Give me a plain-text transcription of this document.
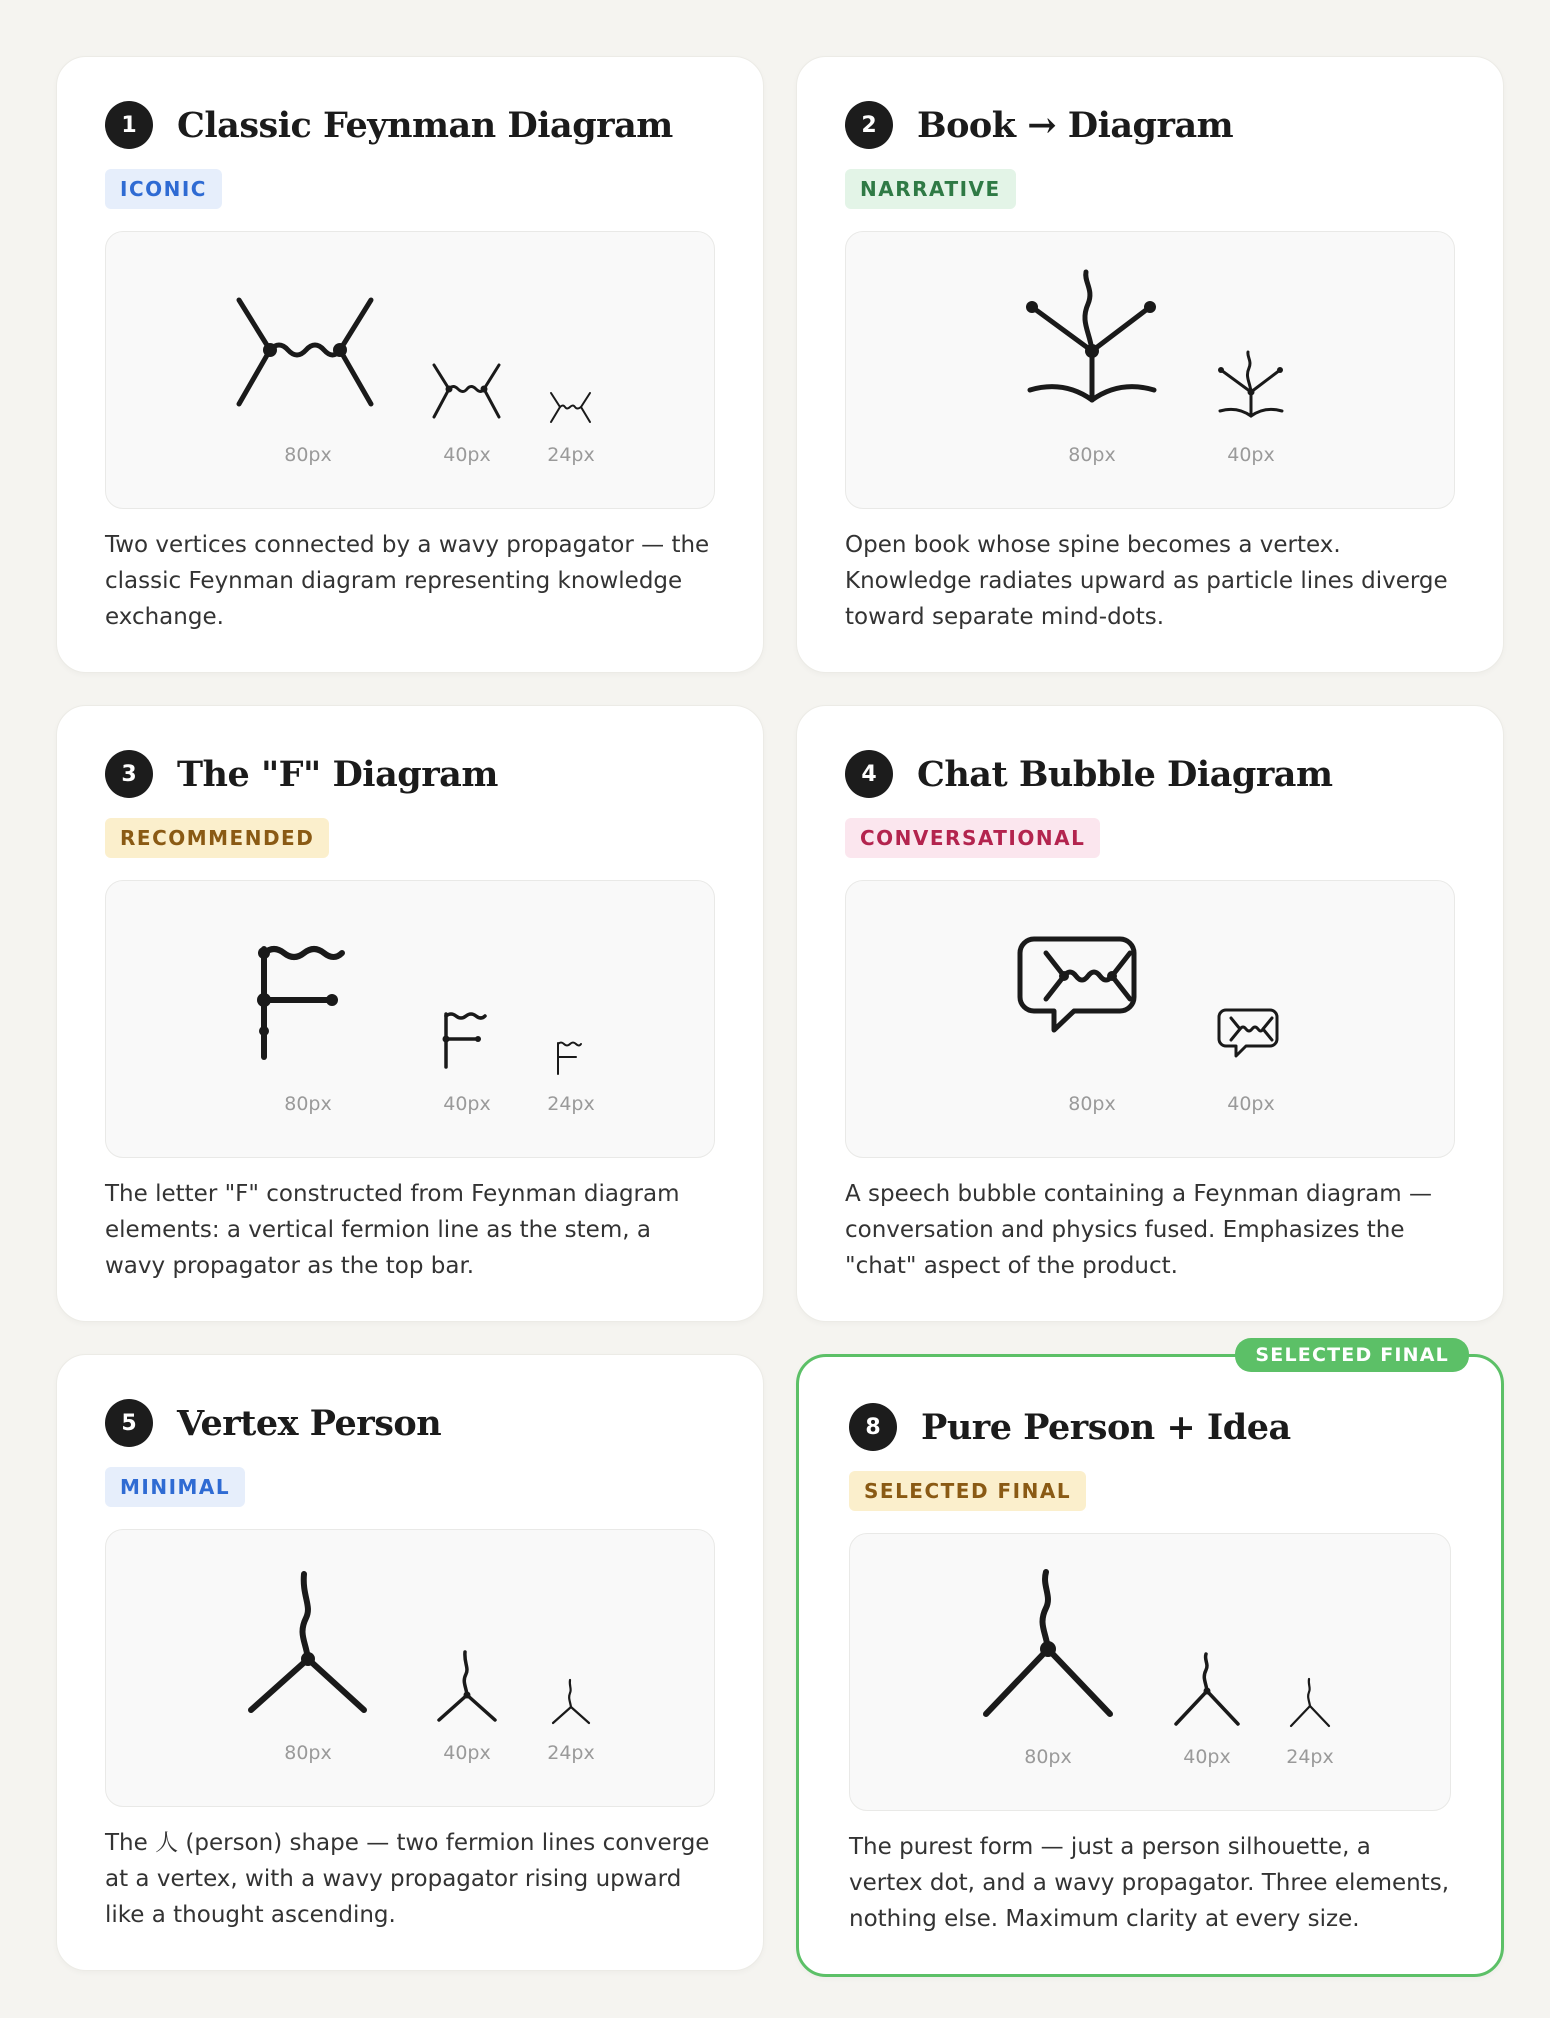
1	Classic Feynman Diagram
ICONIC
80px	40px	24px
Two vertices connected by a wavy propagator — the classic Feynman diagram representing knowledge exchange.
2	Book → Diagram
NARRATIVE
80px	40px
Open book whose spine becomes a vertex. Knowledge radiates upward as particle lines diverge toward separate mind-dots.
3	The "F" Diagram
RECOMMENDED
80px	40px	24px
The letter "F" constructed from Feynman diagram elements: a vertical fermion line as the stem, a wavy propagator as the top bar.
4	Chat Bubble Diagram
CONVERSATIONAL
80px	40px
A speech bubble containing a Feynman diagram — conversation and physics fused. Emphasizes the "chat" aspect of the product.
5	Vertex Person
MINIMAL
80px	40px	24px
The 人 (person) shape — two fermion lines converge at a vertex, with a wavy propagator rising upward like a thought ascending.
SELECTED FINAL
8	Pure Person + Idea
SELECTED FINAL
80px	40px	24px
The purest form — just a person silhouette, a vertex dot, and a wavy propagator. Three elements, nothing else. Maximum clarity at every size.
